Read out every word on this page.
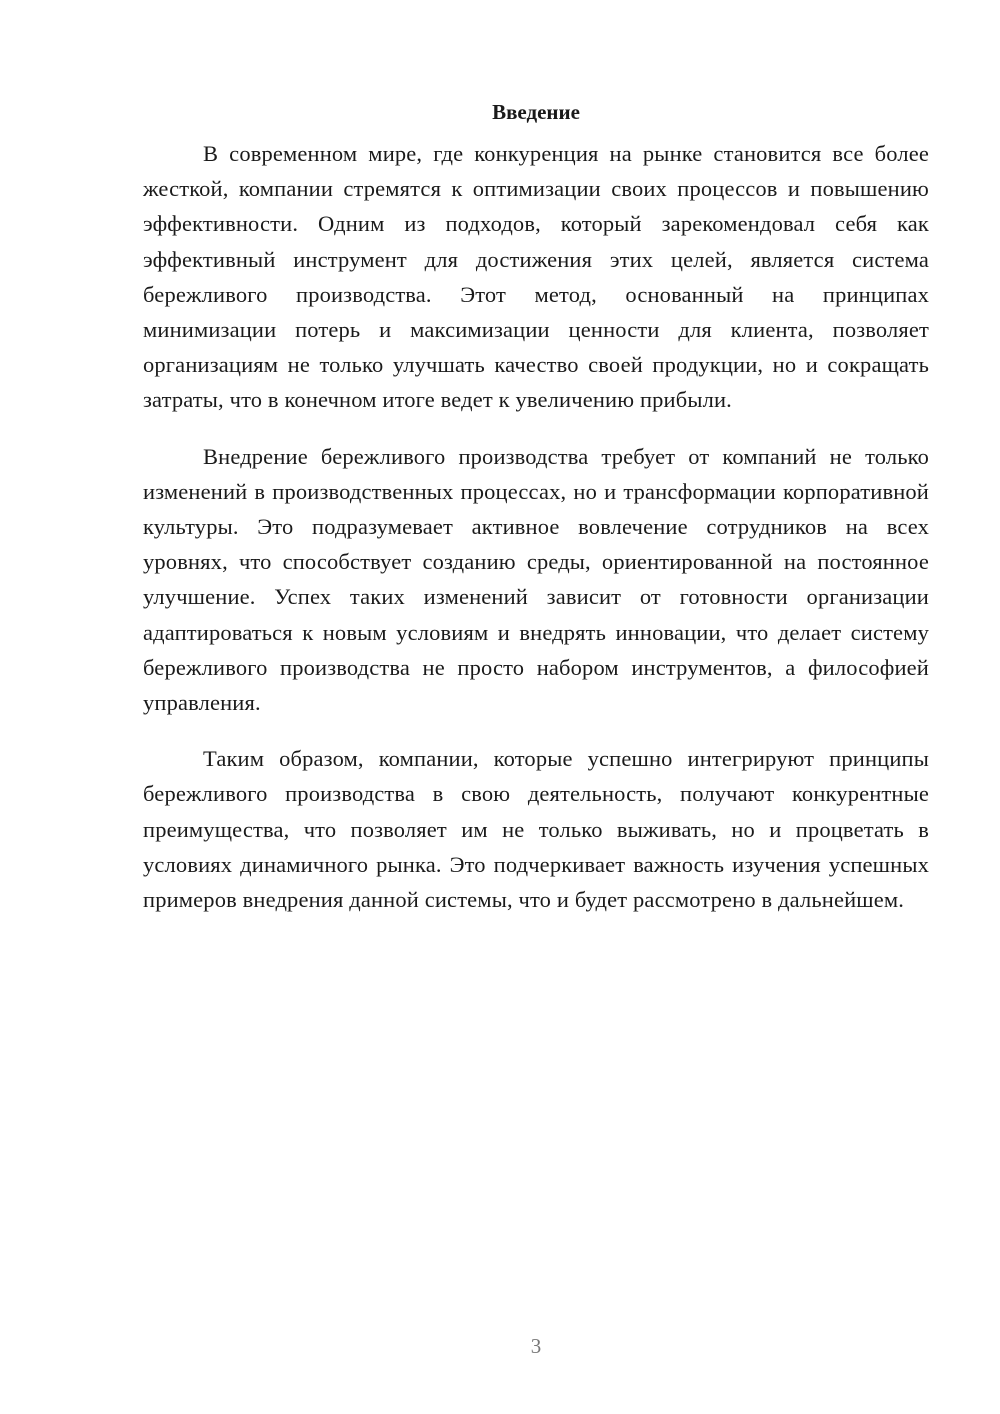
Введение

В современном мире, где конкуренция на рынке становится все более жесткой, компании стремятся к оптимизации своих процессов и повышению эффективности. Одним из подходов, который зарекомендовал себя как эффективный инструмент для достижения этих целей, является система бережливого производства. Этот метод, основанный на принципах минимизации потерь и максимизации ценности для клиента, позволяет организациям не только улучшать качество своей продукции, но и сокращать затраты, что в конечном итоге ведет к увеличению прибыли.

Внедрение бережливого производства требует от компаний не только изменений в производственных процессах, но и трансформации корпоративной культуры. Это подразумевает активное вовлечение сотрудников на всех уровнях, что способствует созданию среды, ориентированной на постоянное улучшение. Успех таких изменений зависит от готовности организации адаптироваться к новым условиям и внедрять инновации, что делает систему бережливого производства не просто набором инструментов, а философией управления.

Таким образом, компании, которые успешно интегрируют принципы бережливого производства в свою деятельность, получают конкурентные преимущества, что позволяет им не только выживать, но и процветать в условиях динамичного рынка. Это подчеркивает важность изучения успешных примеров внедрения данной системы, что и будет рассмотрено в дальнейшем.

3
